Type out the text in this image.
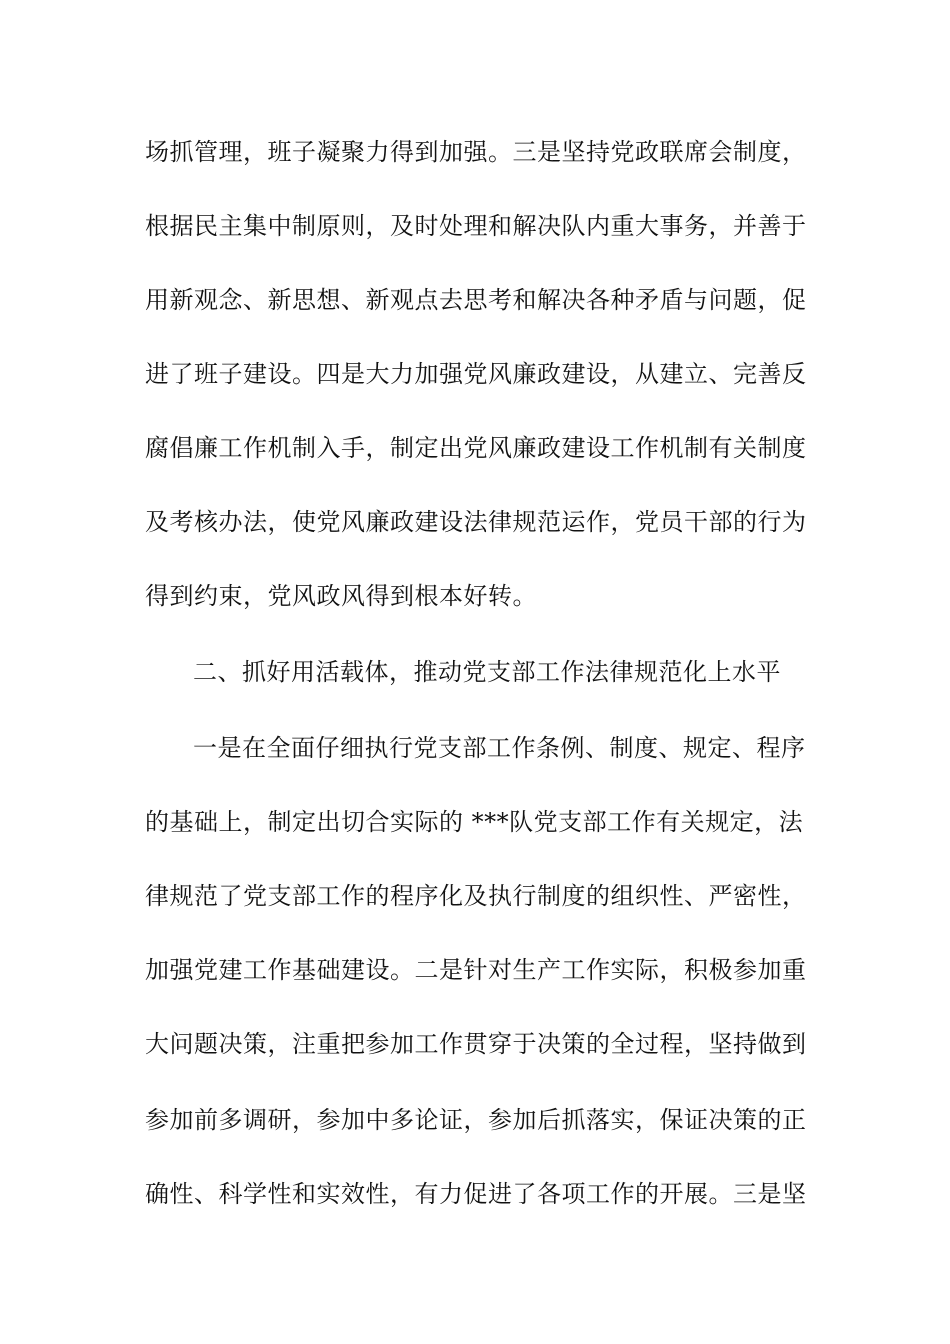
场抓管理，班子凝聚力得到加强。三是坚持党政联席会制度，
根据民主集中制原则，及时处理和解决队内重大事务，并善于
用新观念、新思想、新观点去思考和解决各种矛盾与问题，促
进了班子建设。四是大力加强党风廉政建设，从建立、完善反
腐倡廉工作机制入手，制定出党风廉政建设工作机制有关制度
及考核办法，使党风廉政建设法律规范运作，党员干部的行为
得到约束，党风政风得到根本好转。
二、抓好用活载体，推动党支部工作法律规范化上水平
一是在全面仔细执行党支部工作条例、制度、规定、程序
的基础上，制定出切合实际的 ***队党支部工作有关规定，法
律规范了党支部工作的程序化及执行制度的组织性、严密性，
加强党建工作基础建设。二是针对生产工作实际，积极参加重
大问题决策，注重把参加工作贯穿于决策的全过程，坚持做到
参加前多调研，参加中多论证，参加后抓落实，保证决策的正
确性、科学性和实效性，有力促进了各项工作的开展。三是坚
